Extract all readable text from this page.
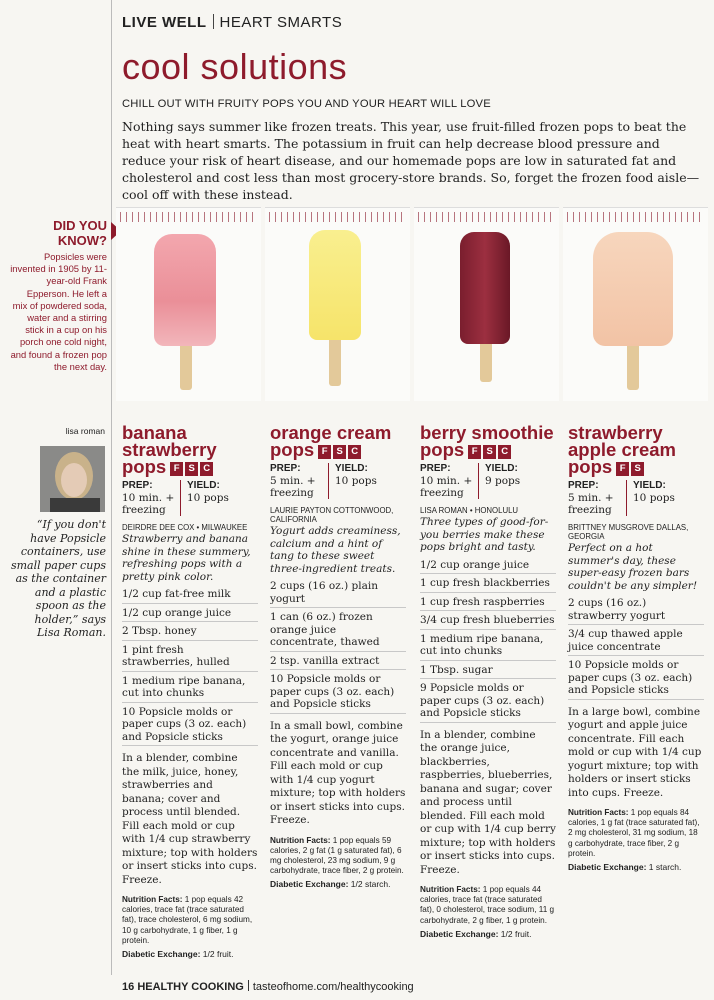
LIVE WELL HEART SMARTS
cool solutions
CHILL OUT WITH FRUITY POPS YOU AND YOUR HEART WILL LOVE
Nothing says summer like frozen treats. This year, use fruit-filled frozen pops to beat the heat with heart smarts. The potassium in fruit can help decrease blood pressure and reduce your risk of heart disease, and our homemade pops are low in saturated fat and cholesterol and cost less than most grocery-store brands. So, forget the frozen food aisle—cool off with these instead.
DID YOU KNOW?
Popsicles were invented in 1905 by 11-year-old Frank Epperson. He left a mix of powdered soda, water and a stirring stick in a cup on his porch one cold night, and found a frozen pop the next day.
lisa roman
“If you don't have Popsicle containers, use small paper cups as the container and a plastic spoon as the holder,” says Lisa Roman.
banana strawberry pops F S C
PREP:
10 min. + freezing
YIELD:
10 pops
DEIRDRE DEE COX • MILWAUKEE
Strawberry and banana shine in these summery, refreshing pops with a pretty pink color.
1/2 cup fat-free milk
1/2 cup orange juice
2 Tbsp. honey
1 pint fresh strawberries, hulled
1 medium ripe banana, cut into chunks
10 Popsicle molds or paper cups (3 oz. each) and Popsicle sticks
In a blender, combine the milk, juice, honey, strawberries and banana; cover and process until blended. Fill each mold or cup with 1/4 cup strawberry mixture; top with holders or insert sticks into cups. Freeze.
Nutrition Facts: 1 pop equals 42 calories, trace fat (trace saturated fat), trace cholesterol, 6 mg sodium, 10 g carbohydrate, 1 g fiber, 1 g protein.
Diabetic Exchange: 1/2 fruit.
orange cream pops F S C
PREP:
5 min. + freezing
YIELD:
10 pops
LAURIE PAYTON COTTONWOOD, CALIFORNIA
Yogurt adds creaminess, calcium and a hint of tang to these sweet three-ingredient treats.
2 cups (16 oz.) plain yogurt
1 can (6 oz.) frozen orange juice concentrate, thawed
2 tsp. vanilla extract
10 Popsicle molds or paper cups (3 oz. each) and Popsicle sticks
In a small bowl, combine the yogurt, orange juice concentrate and vanilla. Fill each mold or cup with 1/4 cup yogurt mixture; top with holders or insert sticks into cups. Freeze.
Nutrition Facts: 1 pop equals 59 calories, 2 g fat (1 g saturated fat), 6 mg cholesterol, 23 mg sodium, 9 g carbohydrate, trace fiber, 2 g protein.
Diabetic Exchange: 1/2 starch.
berry smoothie pops F S C
PREP:
10 min. + freezing
YIELD:
9 pops
LISA ROMAN • HONOLULU
Three types of good-for-you berries make these pops bright and tasty.
1/2 cup orange juice
1 cup fresh blackberries
1 cup fresh raspberries
3/4 cup fresh blueberries
1 medium ripe banana, cut into chunks
1 Tbsp. sugar
9 Popsicle molds or paper cups (3 oz. each) and Popsicle sticks
In a blender, combine the orange juice, blackberries, raspberries, blueberries, banana and sugar; cover and process until blended. Fill each mold or cup with 1/4 cup berry mixture; top with holders or insert sticks into cups. Freeze.
Nutrition Facts: 1 pop equals 44 calories, trace fat (trace saturated fat), 0 cholesterol, trace sodium, 11 g carbohydrate, 2 g fiber, 1 g protein.
Diabetic Exchange: 1/2 fruit.
strawberry apple cream pops F S
PREP:
5 min. + freezing
YIELD:
10 pops
BRITTNEY MUSGROVE DALLAS, GEORGIA
Perfect on a hot summer's day, these super-easy frozen bars couldn't be any simpler!
2 cups (16 oz.) strawberry yogurt
3/4 cup thawed apple juice concentrate
10 Popsicle molds or paper cups (3 oz. each) and Popsicle sticks
In a large bowl, combine yogurt and apple juice concentrate. Fill each mold or cup with 1/4 cup yogurt mixture; top with holders or insert sticks into cups. Freeze.
Nutrition Facts: 1 pop equals 84 calories, 1 g fat (trace saturated fat), 2 mg cholesterol, 31 mg sodium, 18 g carbohydrate, trace fiber, 2 g protein.
Diabetic Exchange: 1 starch.
16 HEALTHY COOKING tasteofhome.com/healthycooking
